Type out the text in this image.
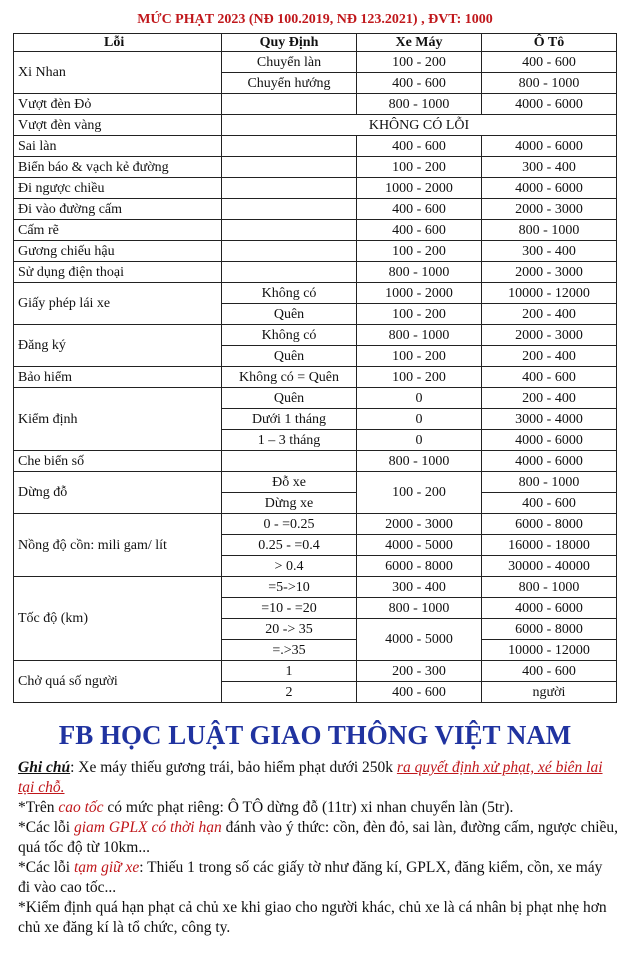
MỨC PHẠT 2023 (NĐ 100.2019, NĐ 123.2021) , ĐVT: 1000
Lỗi	Quy Định	Xe Máy	Ô Tô
Xi Nhan	Chuyển làn	100 - 200	400 - 600
	Chuyển hướng	400 - 600	800 - 1000
Vượt đèn Đỏ		800 - 1000	4000 - 6000
Vượt đèn vàng	KHÔNG CÓ LỖI		
Sai làn		400 - 600	4000 - 6000
Biển báo & vạch kẻ đường		100 - 200	300 - 400
Đi ngược chiều		1000 - 2000	4000 - 6000
Đi vào đường cấm		400 - 600	2000 - 3000
Cấm rẽ		400 - 600	800 - 1000
Gương chiếu hậu		100 - 200	300 - 400
Sử dụng điện thoại		800 - 1000	2000 - 3000
Giấy phép lái xe	Không có	1000 - 2000	10000 - 12000
	Quên	100 - 200	200 - 400
Đăng ký	Không có	800 - 1000	2000 - 3000
	Quên	100 - 200	200 - 400
Bảo hiểm	Không có = Quên	100 - 200	400 - 600
Kiểm định	Quên	0	200 - 400
	Dưới 1 tháng	0	3000 - 4000
	1 – 3 tháng	0	4000 - 6000
Che biển số		800 - 1000	4000 - 6000
Dừng đỗ	Đỗ xe	100 - 200	800 - 1000
	Dừng xe		400 - 600
Nồng độ cồn: mili gam/ lít	0 - =0.25	2000 - 3000	6000 - 8000
	0.25 - =0.4	4000 - 5000	16000 - 18000
	> 0.4	6000 - 8000	30000 - 40000
Tốc độ (km)	=5->10	300 - 400	800 - 1000
	=10 - =20	800 - 1000	4000 - 6000
	20 -> 35	4000 - 5000	6000 - 8000
	=.>35		10000 - 12000
Chở quá số người	1	200 - 300	400 - 600
	2	400 - 600	người
FB HỌC LUẬT GIAO THÔNG VIỆT NAM

Ghi chú: Xe máy thiếu gương trái, bảo hiểm phạt dưới 250k ra quyết định xử phạt, xé biên lai tại chỗ.

*Trên cao tốc có mức phạt riêng: Ô TÔ dừng đỗ (11tr) xi nhan chuyển làn (5tr).

*Các lỗi giam GPLX có thời hạn đánh vào ý thức: cồn, đèn đỏ, sai làn, đường cấm, ngược chiều, quá tốc độ từ 10km...

*Các lỗi tạm giữ xe: Thiếu 1 trong số các giấy tờ như đăng kí, GPLX, đăng kiểm, cồn, xe máy đi vào cao tốc...

*Kiểm định quá hạn phạt cả chủ xe khi giao cho người khác, chủ xe là cá nhân bị phạt nhẹ hơn chủ xe đăng kí là tổ chức, công ty.
